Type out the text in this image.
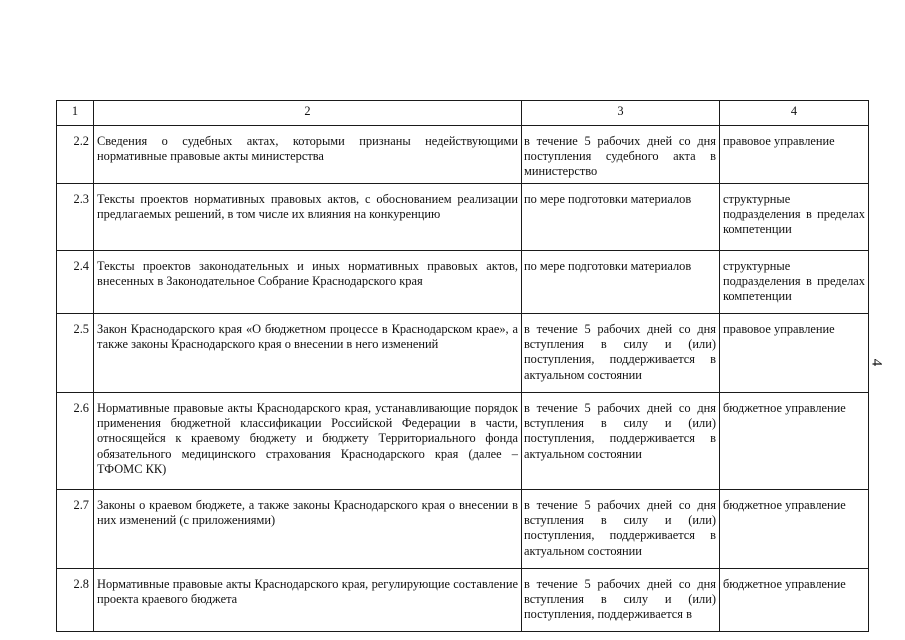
1	2	3	4
2.2	Сведения о судебных актах, которыми признаны недействующими нормативные правовые акты министерства	в течение 5 рабочих дней со дня поступления судебного акта в министерство	правовое управление
2.3	Тексты проектов нормативных правовых актов, с обоснованием реализации предлагаемых решений, в том числе их влияния на конкуренцию	по мере подготовки материалов	структурные подразделения в пределах компетенции
2.4	Тексты проектов законодательных и иных нормативных правовых актов, внесенных в Законодательное Собрание Краснодарского края	по мере подготовки материалов	структурные подразделения в пределах компетенции
2.5	Закон Краснодарского края «О бюджетном процессе в Краснодарском крае», а также законы Краснодарского края о внесении в него изменений	в течение 5 рабочих дней со дня вступления в силу и (или) поступления, поддерживается в актуальном состоянии	правовое управление
2.6	Нормативные правовые акты Краснодарского края, устанавливающие порядок применения бюджетной классификации Российской Федерации в части, относящейся к краевому бюджету и бюджету Территориального фонда обязательного медицинского страхования Краснодарского края (далее – ТФОМС КК)	в течение 5 рабочих дней со дня вступления в силу и (или) поступления, поддерживается в актуальном состоянии	бюджетное управление
2.7	Законы о краевом бюджете, а также законы Краснодарского края о внесении в них изменений (с приложениями)	в течение 5 рабочих дней со дня вступления в силу и (или) поступления, поддерживается в актуальном состоянии	бюджетное управление
2.8	Нормативные правовые акты Краснодарского края, регулирующие составление проекта краевого бюджета	в течение 5 рабочих дней со дня вступления в силу и (или) поступления, поддерживается в	бюджетное управление
4
